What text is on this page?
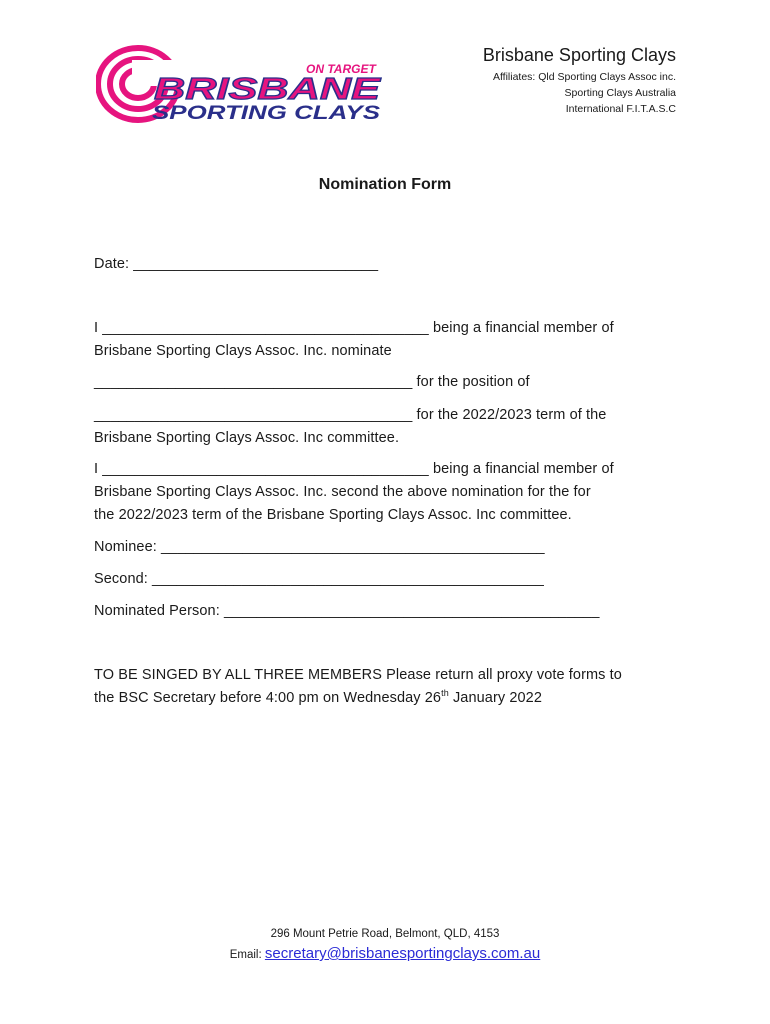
ON TARGET
BRISBANE
SPORTING CLAYS
Brisbane Sporting Clays
Affiliates: Qld Sporting Clays Assoc inc.
Sporting Clays Australia
International F.I.T.A.S.C
Nomination Form
Date: ______________________________
I ________________________________________ being a financial member of
Brisbane Sporting Clays Assoc. Inc. nominate
_______________________________________ for the position of
_______________________________________ for the 2022/2023 term of the
Brisbane Sporting Clays Assoc. Inc committee.
I ________________________________________ being a financial member of
Brisbane Sporting Clays Assoc. Inc. second the above nomination for the for
the 2022/2023 term of the Brisbane Sporting Clays Assoc. Inc committee.
Nominee: _______________________________________________
Second: ________________________________________________
Nominated Person: ______________________________________________
TO BE SINGED BY ALL THREE MEMBERS Please return all proxy vote forms to
the BSC Secretary before 4:00 pm on Wednesday 26th January 2022
296 Mount Petrie Road, Belmont, QLD, 4153
Email: secretary@brisbanesportingclays.com.au
